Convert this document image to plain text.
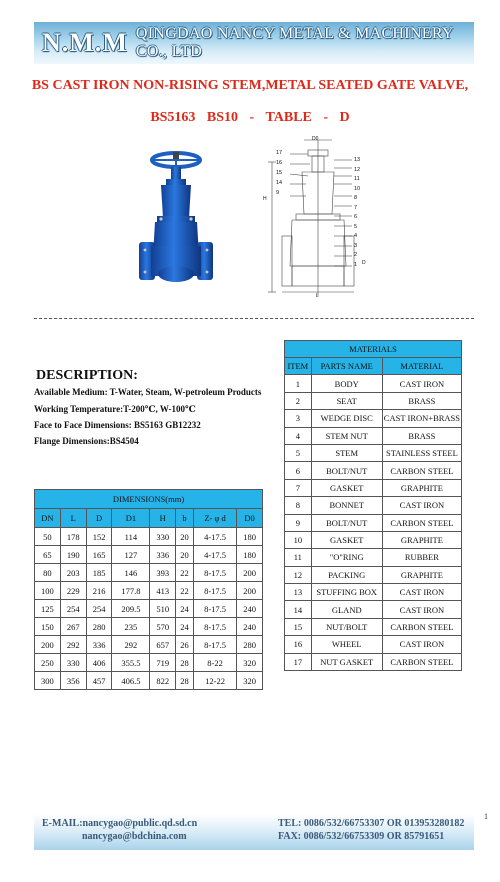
N.M.M QINGDAO NANCY METAL & MACHINERY CO., LTD
BS CAST IRON NON-RISING STEM,METAL SEATED GATE VALVE,
BS5163 BS10 - TABLE - D
17
16
15
14
9
13
12
11
10
8
7
6
5
4
3
2
1
D0
H
L
D
DESCRIPTION:
Available Medium: T-Water, Steam, W-petroleum Products
Working Temperature:T-200℃, W-100℃
Face to Face Dimensions: BS5163 GB12232
Flange Dimensions:BS4504
MATERIALS		
ITEM	PARTS NAME	MATERIAL
1	BODY	CAST IRON
2	SEAT	BRASS
3	WEDGE DISC	CAST IRON+BRASS
4	STEM NUT	BRASS
5	STEM	STAINLESS STEEL
6	BOLT/NUT	CARBON STEEL
7	GASKET	GRAPHITE
8	BONNET	CAST IRON
9	BOLT/NUT	CARBON STEEL
10	GASKET	GRAPHITE
11	"O"RING	RUBBER
12	PACKING	GRAPHITE
13	STUFFING BOX	CAST IRON
14	GLAND	CAST IRON
15	NUT/BOLT	CARBON STEEL
16	WHEEL	CAST IRON
17	NUT GASKET	CARBON STEEL
DIMENSIONS(mm)							
DN	L	D	D1	H	b	Z- φ d	D0
50	178	152	114	330	20	4-17.5	180
65	190	165	127	336	20	4-17.5	180
80	203	185	146	393	22	8-17.5	200
100	229	216	177.8	413	22	8-17.5	200
125	254	254	209.5	510	24	8-17.5	240
150	267	280	235	570	24	8-17.5	240
200	292	336	292	657	26	8-17.5	280
250	330	406	355.5	719	28	8-22	320
300	356	457	406.5	822	28	12-22	320
E-MAIL:nancygao@public.qd.sd.cn
nancygao@bdchina.com
TEL: 0086/532/66753307 OR 013953280182
FAX: 0086/532/66753309 OR 85791651
1
